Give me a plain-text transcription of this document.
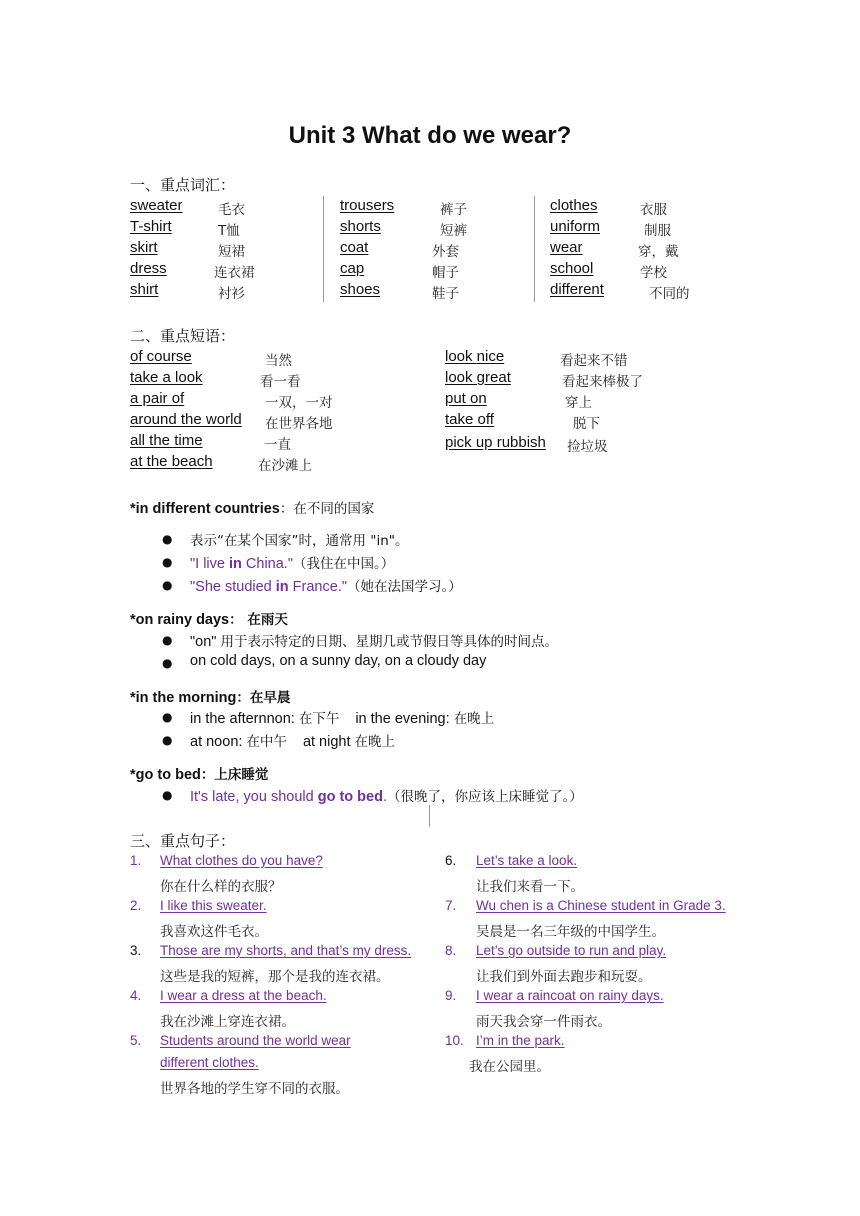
Unit 3 What do we wear?
一、重点词汇：
sweater	毛衣
T-shirt	T恤
skirt	短裙
dress	连衣裙
shirt	衬衫
trousers	裤子
shorts	短裤
coat	外套
cap	帽子
shoes	鞋子
clothes	衣服
uniform	制服
wear	穿，戴
school	学校
different	不同的
二、重点短语：
of course	当然
take a look	看一看
a pair of	一双，一对
around the world 在世界各地
all the time	一直
at the beach	在沙滩上
look nice	看起来不错
look great	看起来棒极了
put on	穿上
take off	脱下
pick up rubbish 捡垃圾
*in different countries：在不同的国家
● 表示“在某个国家”时，通常用 "in"。
● "I live in China."（我住在中国。）
● "She studied in France."（她在法国学习。）
*on rainy days： 在雨天
● "on" 用于表示特定的日期、星期几或节假日等具体的时间点。
● on cold days, on a sunny day, on a cloudy day
*in the morning：在早晨
● in the afternnon: 在下午 in the evening: 在晚上
● at noon: 在中午 at night 在晚上
*go to bed：上床睡觉
● It's late, you should go to bed.（很晚了，你应该上床睡觉了。）
三、重点句子：
1. What clothes do you have?
你在什么样的衣服？
2. I like this sweater.
我喜欢这件毛衣。
3. Those are my shorts, and that’s my dress.
这些是我的短裤，那个是我的连衣裙。
4. I wear a dress at the beach.
我在沙滩上穿连衣裙。
5. Students around the world wear
different clothes.
世界各地的学生穿不同的衣服。
6. Let’s take a look.
让我们来看一下。
7. Wu chen is a Chinese student in Grade 3.
吴晨是一名三年级的中国学生。
8. Let’s go outside to run and play.
让我们到外面去跑步和玩耍。
9. I wear a raincoat on rainy days.
雨天我会穿一件雨衣。
10. I’m in the park.
我在公园里。
